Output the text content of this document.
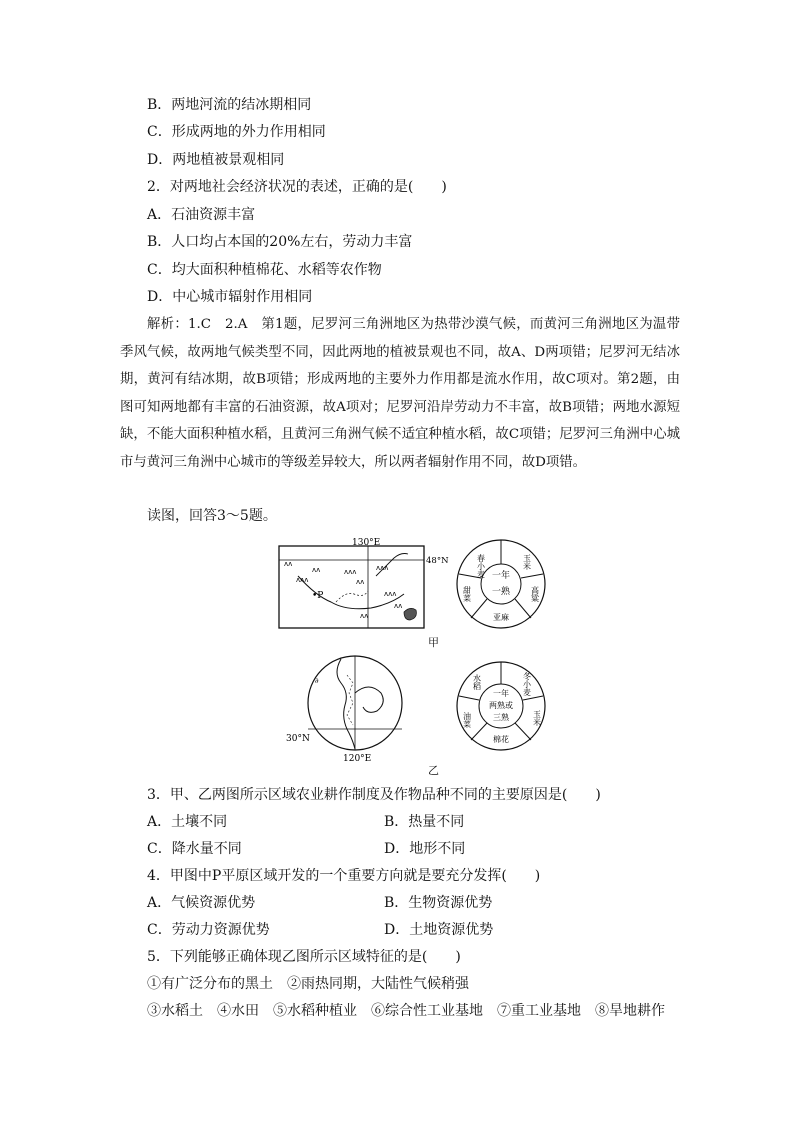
B．两地河流的结冰期相同
C．形成两地的外力作用相同
D．两地植被景观相同
2．对两地社会经济状况的表述，正确的是(　　)
A．石油资源丰富
B．人口均占本国的20%左右，劳动力丰富
C．均大面积种植棉花、水稻等农作物
D．中心城市辐射作用相同
解析：1.C　2.A　第1题，尼罗河三角洲地区为热带沙漠气候，而黄河三角洲地区为温带季风气候，故两地气候类型不同，因此两地的植被景观也不同，故A、D两项错；尼罗河无结冰期，黄河有结冰期，故B项错；形成两地的主要外力作用都是流水作用，故C项对。第2题，由图可知两地都有丰富的石油资源，故A项对；尼罗河沿岸劳动力不丰富，故B项错；两地水源短缺，不能大面积种植水稻，且黄河三角洲气候不适宜种植水稻，故C项错；尼罗河三角洲中心城市与黄河三角洲中心城市的等级差异较大，所以两者辐射作用不同，故D项错。
读图，回答3～5题。
ᴧᴧ
ᴧᴧᴧ
ᴧᴧ	ᴧᴧᴧ
ᴧᴧ
ᴧᴧᴧ
ᴧᴧᴧ
ᴧᴧ
ᴧᴧ
•P
130°E
48°N
一年
一熟
春小麦	玉米
高粱
亚麻
甜菜
甲
∂
30°N
120°E
一年
两熟或
三熟
冬小麦
玉米
棉花
油菜
水稻
乙
3．甲、乙两图所示区域农业耕作制度及作物品种不同的主要原因是(　　)
A．土壤不同	B．热量不同
C．降水量不同	D．地形不同
4．甲图中P平原区域开发的一个重要方向就是要充分发挥(　　)
A．气候资源优势	B．生物资源优势
C．劳动力资源优势	D．土地资源优势
5．下列能够正确体现乙图所示区域特征的是(　　)
①有广泛分布的黑土　②雨热同期，大陆性气候稍强
③水稻土　④水田　⑤水稻种植业　⑥综合性工业基地　⑦重工业基地　⑧旱地耕作
